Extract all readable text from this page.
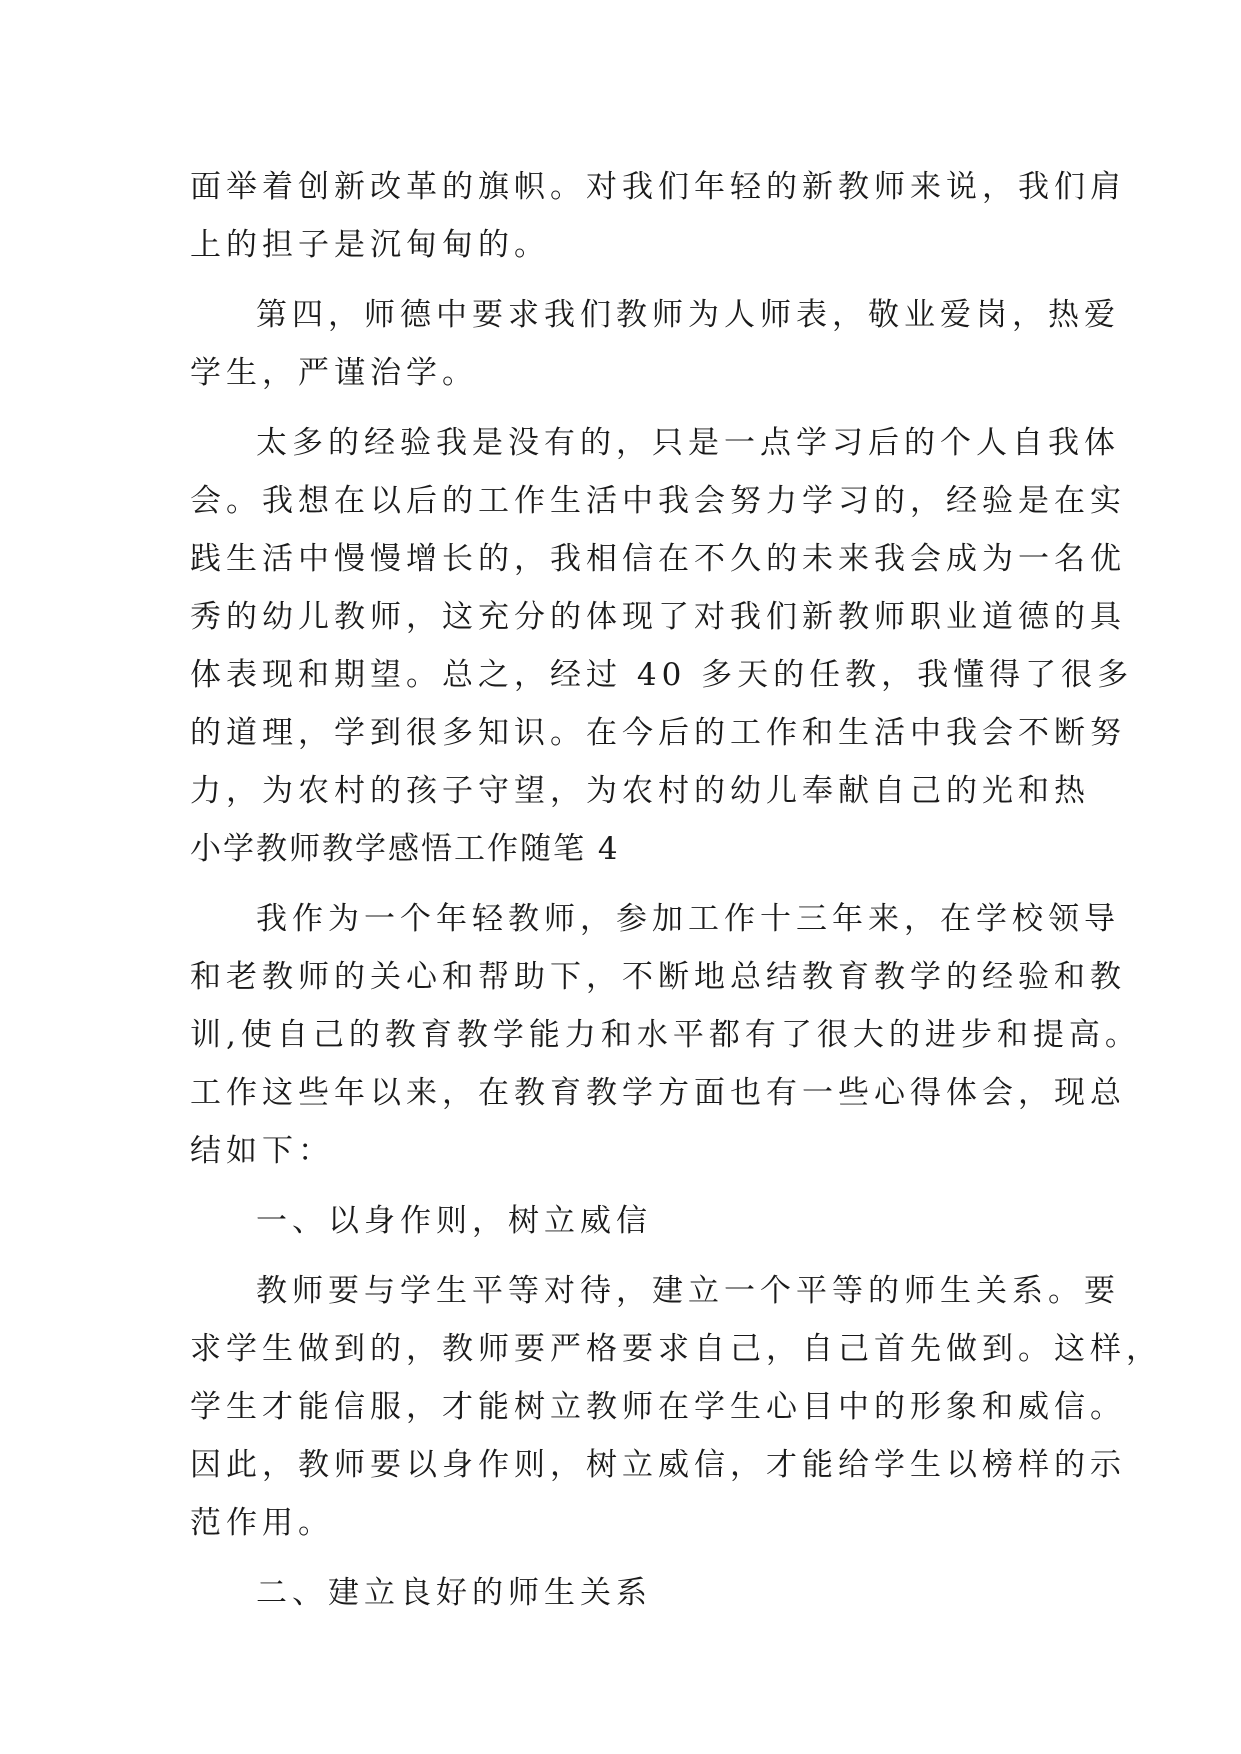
面举着创新改革的旗帜。对我们年轻的新教师来说，我们肩
上的担子是沉甸甸的。
第四，师德中要求我们教师为人师表，敬业爱岗，热爱
学生，严谨治学。
太多的经验我是没有的，只是一点学习后的个人自我体
会。我想在以后的工作生活中我会努力学习的，经验是在实
践生活中慢慢增长的，我相信在不久的未来我会成为一名优
秀的幼儿教师，这充分的体现了对我们新教师职业道德的具
体表现和期望。总之，经过 40 多天的任教，我懂得了很多
的道理，学到很多知识。在今后的工作和生活中我会不断努
力，为农村的孩子守望，为农村的幼儿奉献自己的光和热
小学教师教学感悟工作随笔 4
我作为一个年轻教师，参加工作十三年来，在学校领导
和老教师的关心和帮助下，不断地总结教育教学的经验和教
训,使自己的教育教学能力和水平都有了很大的进步和提高。
工作这些年以来，在教育教学方面也有一些心得体会，现总
结如下：
一、以身作则，树立威信
教师要与学生平等对待，建立一个平等的师生关系。要
求学生做到的，教师要严格要求自己，自己首先做到。这样，
学生才能信服，才能树立教师在学生心目中的形象和威信。
因此，教师要以身作则，树立威信，才能给学生以榜样的示
范作用。
二、建立良好的师生关系
